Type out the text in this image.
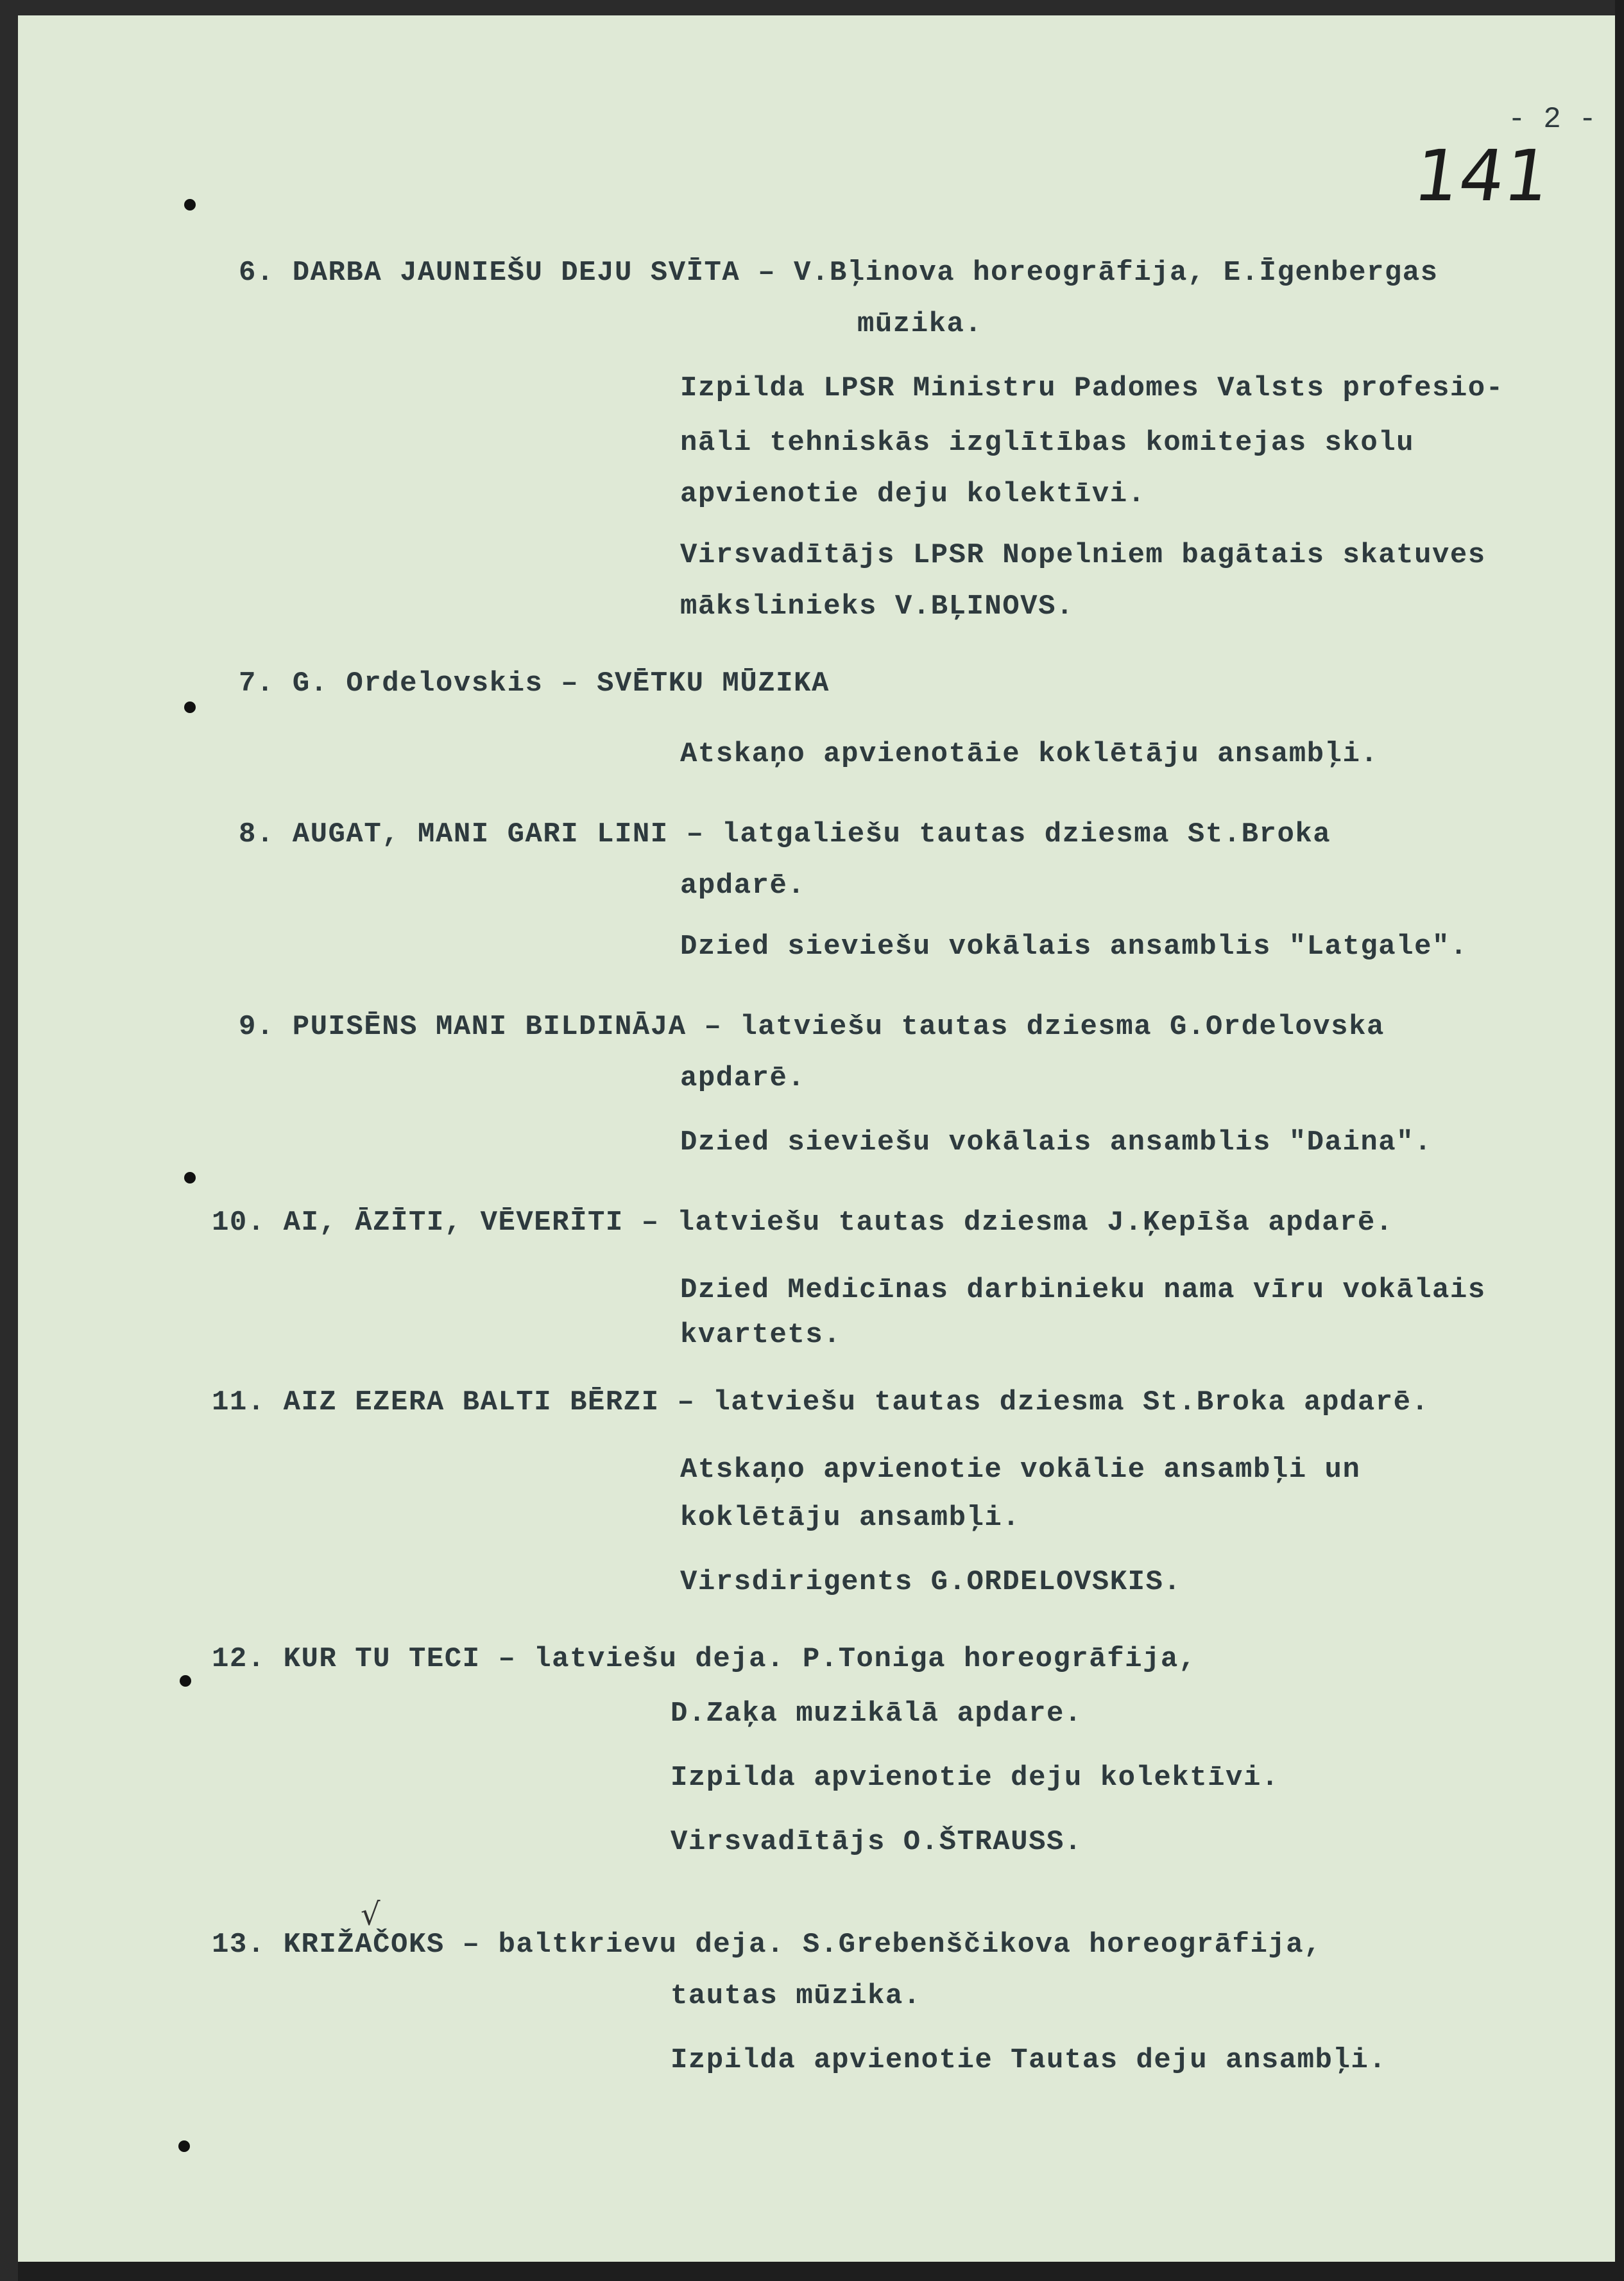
- 2 -
141
√
6. DARBA JAUNIEŠU DEJU SVĪTA – V.Bļinova horeogrāfija, E.Īgenbergas
mūzika.
Izpilda LPSR Ministru Padomes Valsts profesio-
nāli tehniskās izglītības komitejas skolu
apvienotie deju kolektīvi.
Virsvadītājs LPSR Nopelniem bagātais skatuves
mākslinieks V.BĻINOVS.
7. G. Ordelovskis – SVĒTKU MŪZIKA
Atskaņo apvienotāie koklētāju ansambļi.
8. AUGAT, MANI GARI LINI – latgaliešu tautas dziesma St.Broka
apdarē.
Dzied sieviešu vokālais ansamblis "Latgale".
9. PUISĒNS MANI BILDINĀJA – latviešu tautas dziesma G.Ordelovska
apdarē.
Dzied sieviešu vokālais ansamblis "Daina".
10. AI, ĀZĪTI, VĒVERĪTI – latviešu tautas dziesma J.Ķepīša apdarē.
Dzied Medicīnas darbinieku nama vīru vokālais
kvartets.
11. AIZ EZERA BALTI BĒRZI – latviešu tautas dziesma St.Broka apdarē.
Atskaņo apvienotie vokālie ansambļi un
koklētāju ansambļi.
Virsdirigents G.ORDELOVSKIS.
12. KUR TU TECI – latviešu deja. P.Toniga horeogrāfija,
D.Zaķa muzikālā apdare.
Izpilda apvienotie deju kolektīvi.
Virsvadītājs O.ŠTRAUSS.
13. KRIŽAČOKS – baltkrievu deja. S.Grebenščikova horeogrāfija,
tautas mūzika.
Izpilda apvienotie Tautas deju ansambļi.
